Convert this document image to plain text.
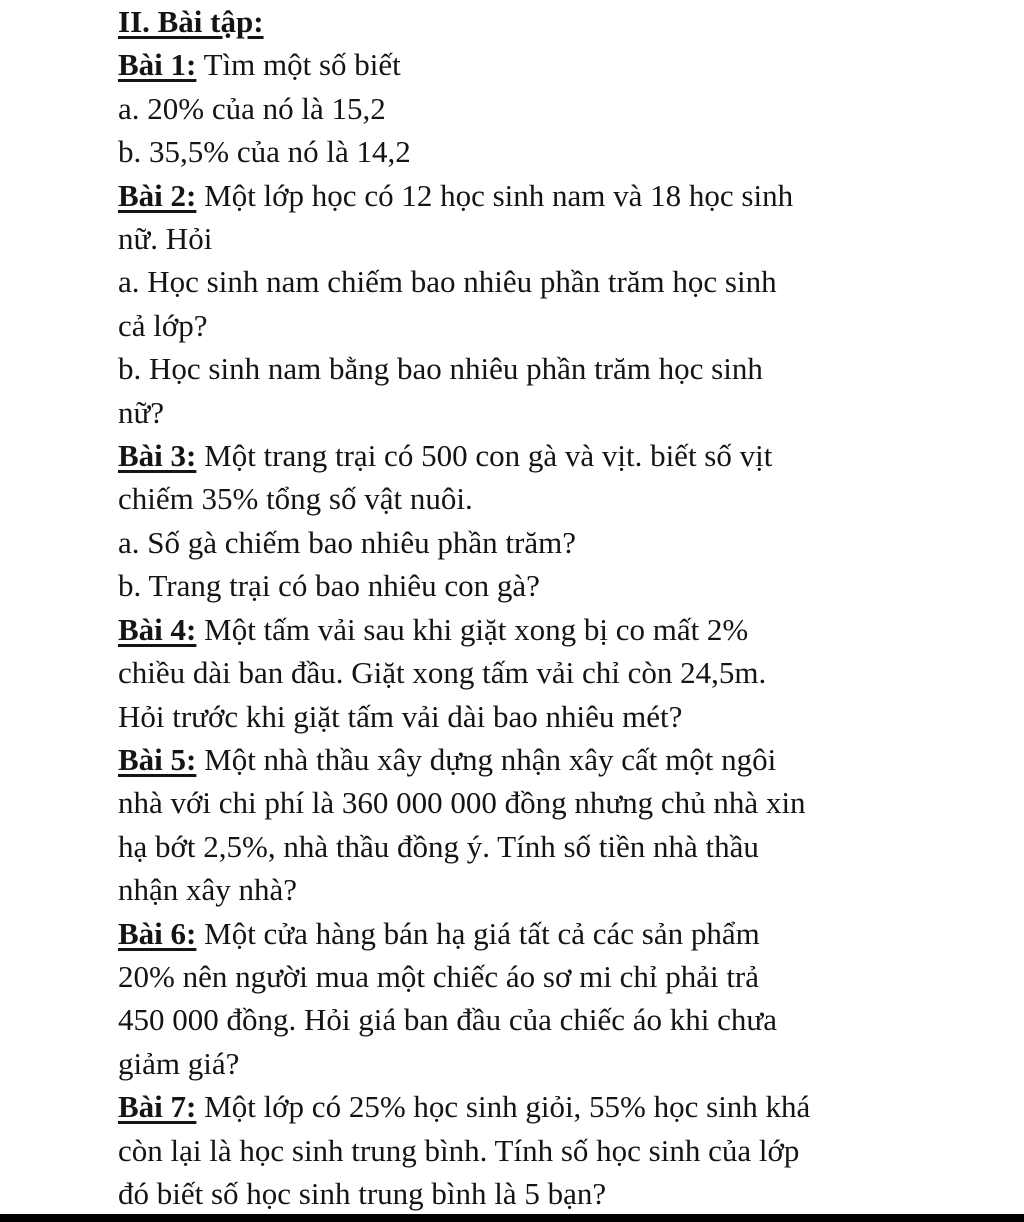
II. Bài tập:
Bài 1: Tìm một số biết
a. 20% của nó là 15,2
b. 35,5% của nó là 14,2
Bài 2: Một lớp học có 12 học sinh nam và 18 học sinh
nữ. Hỏi
a. Học sinh nam chiếm bao nhiêu phần trăm học sinh
cả lớp?
b. Học sinh nam bằng bao nhiêu phần trăm học sinh
nữ?
Bài 3: Một trang trại có 500 con gà và vịt. biết số vịt
chiếm 35% tổng số vật nuôi.
a. Số gà chiếm bao nhiêu phần trăm?
b. Trang trại có bao nhiêu con gà?
Bài 4: Một tấm vải sau khi giặt xong bị co mất 2%
chiều dài ban đầu. Giặt xong tấm vải chỉ còn 24,5m.
Hỏi trước khi giặt tấm vải dài bao nhiêu mét?
Bài 5: Một nhà thầu xây dựng nhận xây cất một ngôi
nhà với chi phí là 360 000 000 đồng nhưng chủ nhà xin
hạ bớt 2,5%, nhà thầu đồng ý. Tính số tiền nhà thầu
nhận xây nhà?
Bài 6: Một cửa hàng bán hạ giá tất cả các sản phẩm
20% nên người mua một chiếc áo sơ mi chỉ phải trả
450 000 đồng. Hỏi giá ban đầu của chiếc áo khi chưa
giảm giá?
Bài 7: Một lớp có 25% học sinh giỏi, 55% học sinh khá
còn lại là học sinh trung bình. Tính số học sinh của lớp
đó biết số học sinh trung bình là 5 bạn?
